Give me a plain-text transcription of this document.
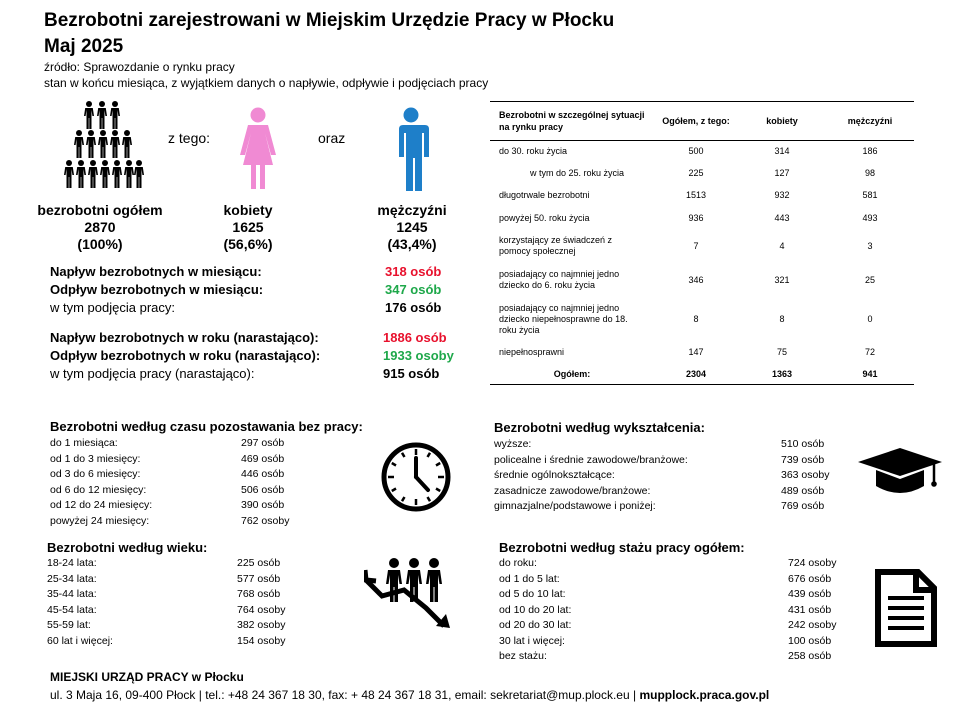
Bezrobotni zarejestrowani w Miejskim Urzędzie Pracy w Płocku
Maj 2025
źródło: Sprawozdanie o rynku pracy
stan w końcu miesiąca, z wyjątkiem danych o napływie, odpływie i podjęciach pracy
z tego:	oraz
bezrobotni ogółem
2870
(100%)
kobiety
1625
(56,6%)
mężczyźni
1245
(43,4%)
Napływ bezrobotnych w miesiącu:	318 osób
Odpływ bezrobotnych w miesiącu:	347 osób
w tym podjęcia pracy:	176 osób
Napływ bezrobotnych w roku (narastająco):	1886 osób
Odpływ bezrobotnych w roku (narastająco):	1933 osoby
w tym podjęcia pracy (narastająco):	915 osób
Bezrobotni w szczególnej sytuacji na rynku pracy	Ogółem, z tego:	kobiety	mężczyźni
do 30. roku życia	500	314	186
w tym do 25. roku życia	225	127	98
długotrwale bezrobotni	1513	932	581
powyżej 50. roku życia	936	443	493
korzystający ze świadczeń z pomocy społecznej	7	4	3
posiadający co najmniej jedno dziecko do 6. roku życia	346	321	25
posiadający co najmniej jedno dziecko niepełnosprawne do 18. roku życia	8	8	0
niepełnosprawni	147	75	72
Ogółem:	2304	1363	941
Bezrobotni według czasu pozostawania bez pracy:
do 1 miesiąca:	297 osób
od 1 do 3 miesięcy:	469 osób
od 3 do 6 miesięcy:	446 osób
od 6 do 12 miesięcy:	506 osób
od 12 do 24 miesięcy:	390 osób
powyżej 24 miesięcy:	762 osoby
Bezrobotni według wykształcenia:
wyższe:	510 osób
policealne i średnie zawodowe/branżowe:	739 osób
średnie ogólnokształcące:	363 osoby
zasadnicze zawodowe/branżowe:	489 osób
gimnazjalne/podstawowe i poniżej:	769 osób
Bezrobotni według wieku:
18-24 lata:	225 osób
25-34 lata:	577 osób
35-44 lata:	768 osób
45-54 lata:	764 osoby
55-59 lat:	382 osoby
60 lat i więcej:	154 osoby
Bezrobotni według stażu pracy ogółem:
do roku:	724 osoby
od 1 do 5 lat:	676 osób
od 5 do 10 lat:	439 osób
od 10 do 20 lat:	431 osób
od 20 do 30 lat:	242 osoby
30 lat i więcej:	100 osób
bez stażu:	258 osób
MIEJSKI URZĄD PRACY w Płocku
ul. 3 Maja 16, 09-400 Płock | tel.: +48 24 367 18 30, fax: + 48 24 367 18 31, email: sekretariat@mup.plock.eu | mupplock.praca.gov.pl
